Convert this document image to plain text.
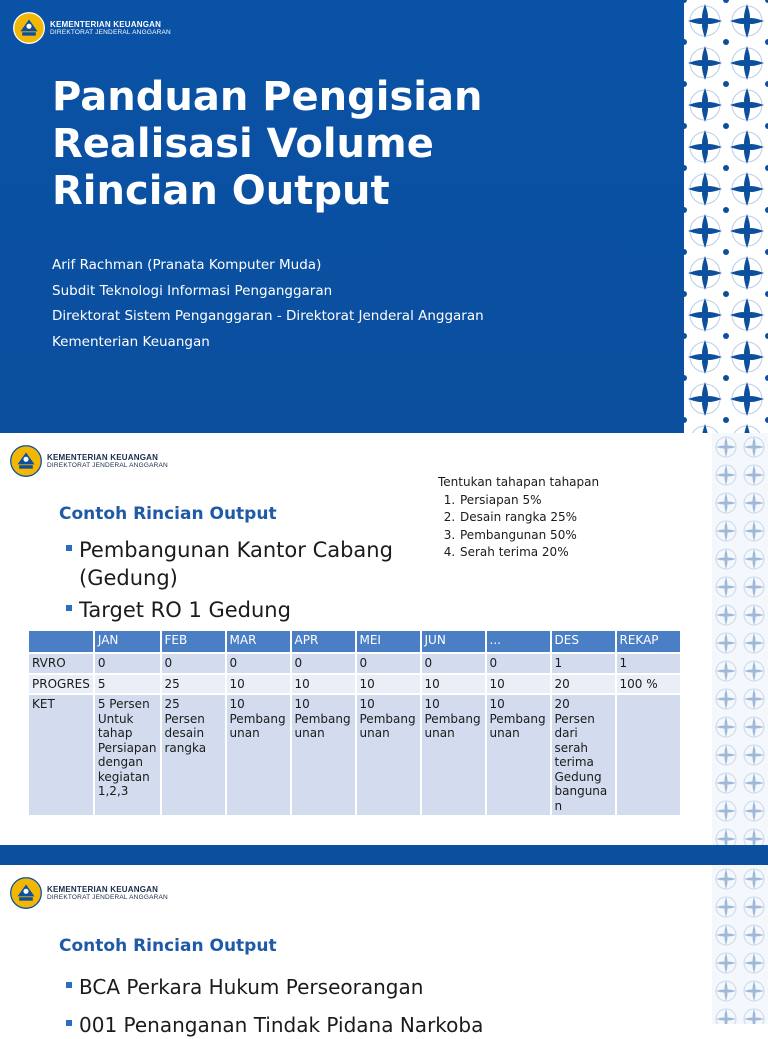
KEMENTERIAN KEUANGAN
DIREKTORAT JENDERAL ANGGARAN
Panduan Pengisian
Realisasi Volume
Rincian Output
Arif Rachman (Pranata Komputer Muda)
Subdit Teknologi Informasi Penganggaran
Direktorat Sistem Penganggaran - Direktorat Jenderal Anggaran
Kementerian Keuangan
KEMENTERIAN KEUANGAN
DIREKTORAT JENDERAL ANGGARAN
Contoh Rincian Output
Pembangunan Kantor Cabang (Gedung)
Target RO 1 Gedung
Tentukan tahapan tahapan
1. Persiapan 5%
2. Desain rangka 25%
3. Pembangunan 50%
4. Serah terima 20%
	JAN	FEB	MAR	APR	MEI	JUN	...	DES	REKAP
RVRO	0	0	0	0	0	0	0	1	1
PROGRES	5	25	10	10	10	10	10	20	100 %
KET	5 Persen Untuk tahap Persiapan dengan kegiatan 1,2,3	25 Persen desain rangka	10 Pembang unan	10 Pembang unan	10 Pembang unan	10 Pembang unan	10 Pembang unan	20 Persen dari serah terima Gedung banguna n	
KEMENTERIAN KEUANGAN
DIREKTORAT JENDERAL ANGGARAN
Contoh Rincian Output
BCA Perkara Hukum Perseorangan
001 Penanganan Tindak Pidana Narkoba
